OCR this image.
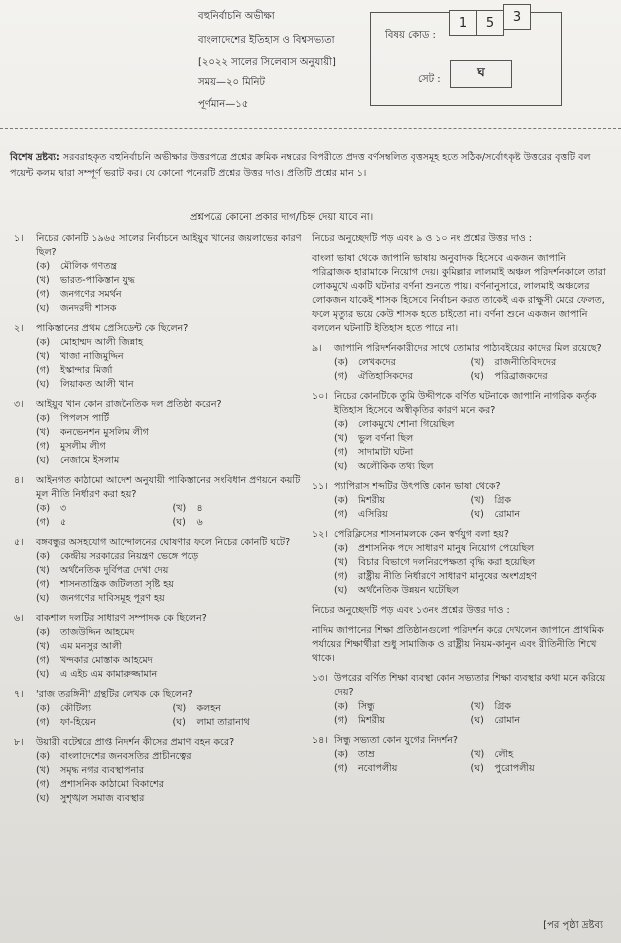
বহুনির্বাচনি অভীক্ষা
বাংলাদেশের ইতিহাস ও বিশ্বসভ্যতা
[২০২২ সালের সিলেবাস অনুযায়ী]
সময়—২০ মিনিট
পূর্ণমান—১৫
বিষয় কোড :
1	5	3
সেট :
ঘ
বিশেষ দ্রষ্টব্য: সরবরাহকৃত বহুনির্বাচনি অভীক্ষার উত্তরপত্রে প্রশ্নের ক্রমিক নম্বরের বিপরীতে প্রদত্ত বর্ণসম্বলিত বৃত্তসমূহ হতে সঠিক/সর্বোৎকৃষ্ট উত্তরের বৃত্তটি বল পয়েন্ট কলম দ্বারা সম্পূর্ণ ভরাট কর। যে কোনো পনেরটি প্রশ্নের উত্তর দাও। প্রতিটি প্রশ্নের মান ১।
প্রশ্নপত্রে কোনো প্রকার দাগ/চিহ্ন দেয়া যাবে না।
১।	নিচের কোনটি ১৯৬৫ সালের নির্বাচনে আইয়ুব খানের জয়লাভের কারণ ছিল?
(ক)	মৌলিক গণতন্ত্র
(খ)	ভারত-পাকিস্তান যুদ্ধ
(গ)	জনগণের সমর্থন
(ঘ)	জনদরদী শাসক
২।	পাকিস্তানের প্রথম প্রেসিডেন্ট কে ছিলেন?
(ক)	মোহাম্মদ আলী জিন্নাহ
(খ)	খাজা নাজিমুদ্দিন
(গ)	ইস্কান্দার মির্জা
(ঘ)	লিয়াকত আলী খান
৩।	আইয়ুব খান কোন রাজনৈতিক দল প্রতিষ্ঠা করেন?
(ক)	পিপলস পার্টি
(খ)	কনভেনশন মুসলিম লীগ
(গ)	মুসলীম লীগ
(ঘ)	নেজামে ইসলাম
৪।	আইনগত কাঠামো আদেশ অনুযায়ী পাকিস্তানের সংবিধান প্রণয়নে কয়টি মূল নীতি নির্ধারণ করা হয়?
(ক)	৩	(খ)	৪
(গ)	৫	(ঘ)	৬
৫।	বঙ্গবন্ধুর অসহযোগ আন্দোলনের ঘোষণার ফলে নিচের কোনটি ঘটে?
(ক)	কেন্দ্রীয় সরকারের নিয়ন্ত্রণ ভেঙ্গে পড়ে
(খ)	অর্থনৈতিক দুর্বিপত্র দেখা দেয়
(গ)	শাসনতান্ত্রিক জটিলতা সৃষ্টি হয়
(ঘ)	জনগণের দাবিসমূহ পূরণ হয়
৬।	বাকশাল দলটির সাধারণ সম্পাদক কে ছিলেন?
(ক)	তাজউদ্দিন আহমেদ
(খ)	এম মনসুর আলী
(গ)	খন্দকার মোস্তাক আহমেদ
(ঘ)	এ এইচ এম কামারুজ্জামান
৭।	'রাজ তরঙ্গিনী' গ্রন্থটির লেখক কে ছিলেন?
(ক)	কৌটিল্য	(খ)	কলহন
(গ)	ফা-হিয়েন	(ঘ)	লামা তারানাথ
৮।	উয়ারী বটেশ্বরে প্রাপ্ত নিদর্শন কীসের প্রমাণ বহন করে?
(ক)	বাংলাদেশের জনবসতির প্রাচীনত্বের
(খ)	সমৃদ্ধ নগর ব্যবস্থাপনার
(গ)	প্রশাসনিক কাঠামো বিকাশের
(ঘ)	সুশৃঙ্খল সমাজ ব্যবস্থার
নিচের অনুচ্ছেদটি পড় এবং ৯ ও ১০ নং প্রশ্নের উত্তর দাও :
বাংলা ভাষা থেকে জাপানি ভাষায় অনুবাদক হিসেবে একজন জাপানি পরিব্রাজক হারামাকে নিয়োগ দেয়। কুমিল্লার লালমাই অঞ্চল পরিদর্শনকালে তারা লোকমুখে একটি ঘটনার বর্ণনা শুনতে পায়। বর্ণনানুসারে, লালমাই অঞ্চলের লোকজন যাকেই শাসক হিসেবে নির্বাচন করত তাকেই এক রাক্ষুসী মেরে ফেলত, ফলে মৃত্যুর ভয়ে কেউ শাসক হতে চাইতো না। বর্ণনা শুনে একজন জাপানি বললেন ঘটনাটি ইতিহাস হতে পারে না।
৯।	জাপানি পরিদর্শনকারীদের সাথে তোমার পাঠ্যবইয়ের কাদের মিল রয়েছে?
(ক)	লেখকদের	(খ)	রাজনীতিবিদদের
(গ)	ঐতিহাসিকদের	(ঘ)	পরিব্রাজকদের
১০। নিচের কোনটিকে তুমি উদ্দীপকে বর্ণিত ঘটনাকে জাপানি নাগরিক কর্তৃক ইতিহাস হিসেবে অস্বীকৃতির কারণ মনে কর?
(ক)	লোকমুখে শোনা গিয়েছিল
(খ)	ভুল বর্ণনা ছিল
(গ)	সাদামাটা ঘটনা
(ঘ)	অলৌকিক তথ্য ছিল
১১। প্যাপিরাস শব্দটির উৎপত্তি কোন ভাষা থেকে?
(ক)	মিশরীয়	(খ)	গ্রিক
(গ)	এসিরিয়	(ঘ)	রোমান
১২। পেরিক্লিসের শাসনামলকে কেন স্বর্ণযুগ বলা হয়?
(ক)	প্রশাসনিক পদে সাধারণ মানুষ নিয়োগ পেয়েছিল
(খ)	বিচার বিভাগে দলনিরপেক্ষতা বৃদ্ধি করা হয়েছিল
(গ)	রাষ্ট্রীয় নীতি নির্ধারণে সাধারণ মানুষের অংশগ্রহণ
(ঘ)	অর্থনৈতিক উন্নয়ন ঘটেছিল
নিচের অনুচ্ছেদটি পড় এবং ১৩নং প্রশ্নের উত্তর দাও :
নাদিম জাপানের শিক্ষা প্রতিষ্ঠানগুলো পরিদর্শন করে দেখলেন জাপানে প্রাথমিক পর্যায়ের শিক্ষার্থীরা শুধু সামাজিক ও রাষ্ট্রীয় নিয়ম-কানুন এবং রীতিনীতি শিখে থাকে।
১৩। উপরের বর্ণিত শিক্ষা ব্যবস্থা কোন সভ্যতার শিক্ষা ব্যবস্থার কথা মনে করিয়ে দেয়?
(ক)	সিন্ধু	(খ)	গ্রিক
(গ)	মিশরীয়	(ঘ)	রোমান
১৪। সিন্ধু সভ্যতা কোন যুগের নিদর্শন?
(ক)	তাম্র	(খ)	লৌহ
(গ)	নবোপলীয়	(ঘ)	পুরোপলীয়
[পর পৃষ্ঠা দ্রষ্টব্য
